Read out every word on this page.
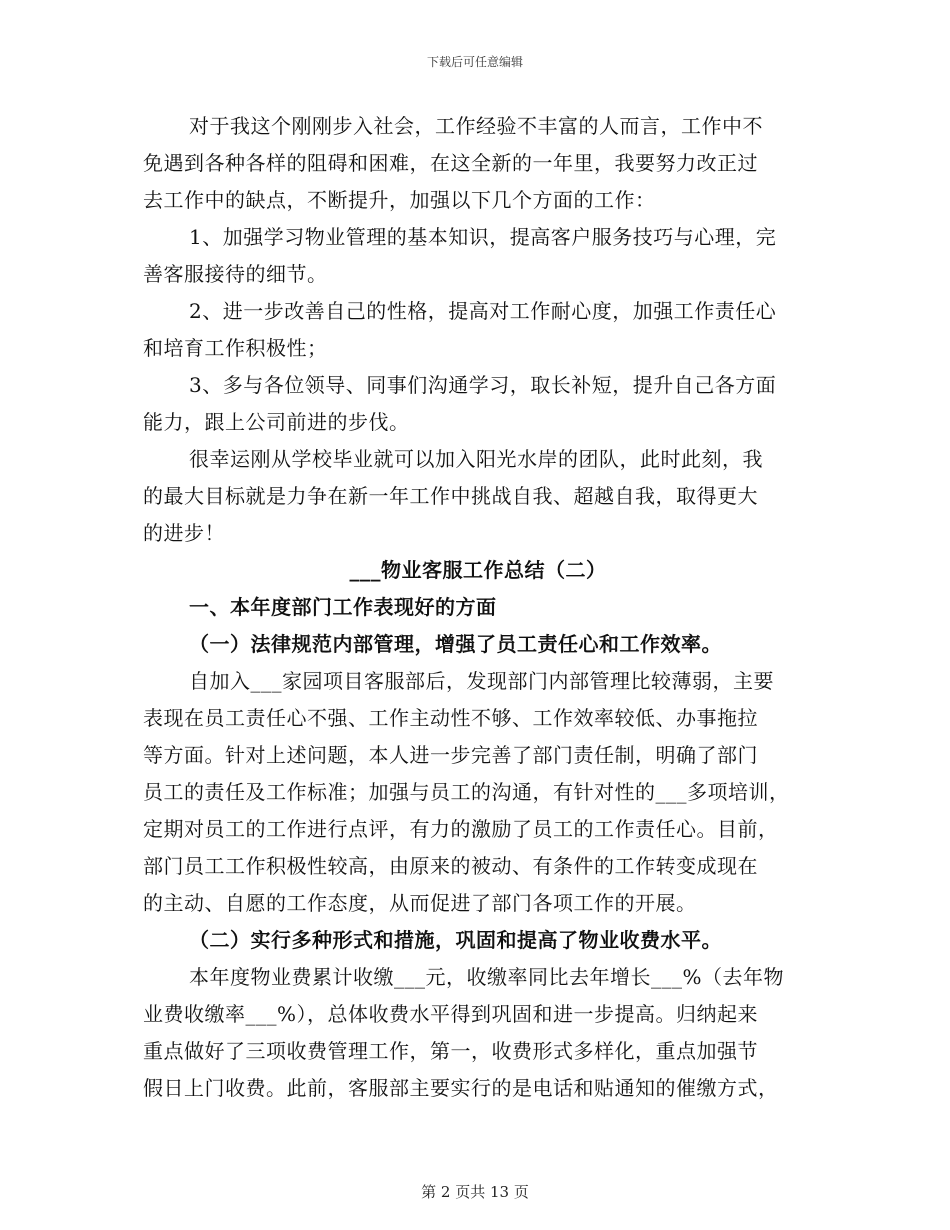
下载后可任意编辑
对于我这个刚刚步入社会，工作经验不丰富的人而言，工作中不
免遇到各种各样的阻碍和困难，在这全新的一年里，我要努力改正过
去工作中的缺点，不断提升，加强以下几个方面的工作：
1、加强学习物业管理的基本知识，提高客户服务技巧与心理，完
善客服接待的细节。
2、进一步改善自己的性格，提高对工作耐心度，加强工作责任心
和培育工作积极性；
3、多与各位领导、同事们沟通学习，取长补短，提升自己各方面
能力，跟上公司前进的步伐。
很幸运刚从学校毕业就可以加入阳光水岸的团队，此时此刻，我
的最大目标就是力争在新一年工作中挑战自我、超越自我，取得更大
的进步！
___物业客服工作总结（二）
一、本年度部门工作表现好的方面
（一）法律规范内部管理，增强了员工责任心和工作效率。
自加入___家园项目客服部后，发现部门内部管理比较薄弱，主要
表现在员工责任心不强、工作主动性不够、工作效率较低、办事拖拉
等方面。针对上述问题，本人进一步完善了部门责任制，明确了部门
员工的责任及工作标准；加强与员工的沟通，有针对性的___多项培训，
定期对员工的工作进行点评，有力的激励了员工的工作责任心。目前，
部门员工工作积极性较高，由原来的被动、有条件的工作转变成现在
的主动、自愿的工作态度，从而促进了部门各项工作的开展。
（二）实行多种形式和措施，巩固和提高了物业收费水平。
本年度物业费累计收缴___元，收缴率同比去年增长___%（去年物
业费收缴率___%），总体收费水平得到巩固和进一步提高。归纳起来
重点做好了三项收费管理工作，第一，收费形式多样化，重点加强节
假日上门收费。此前，客服部主要实行的是电话和贴通知的催缴方式，
第 2 页共 13 页
